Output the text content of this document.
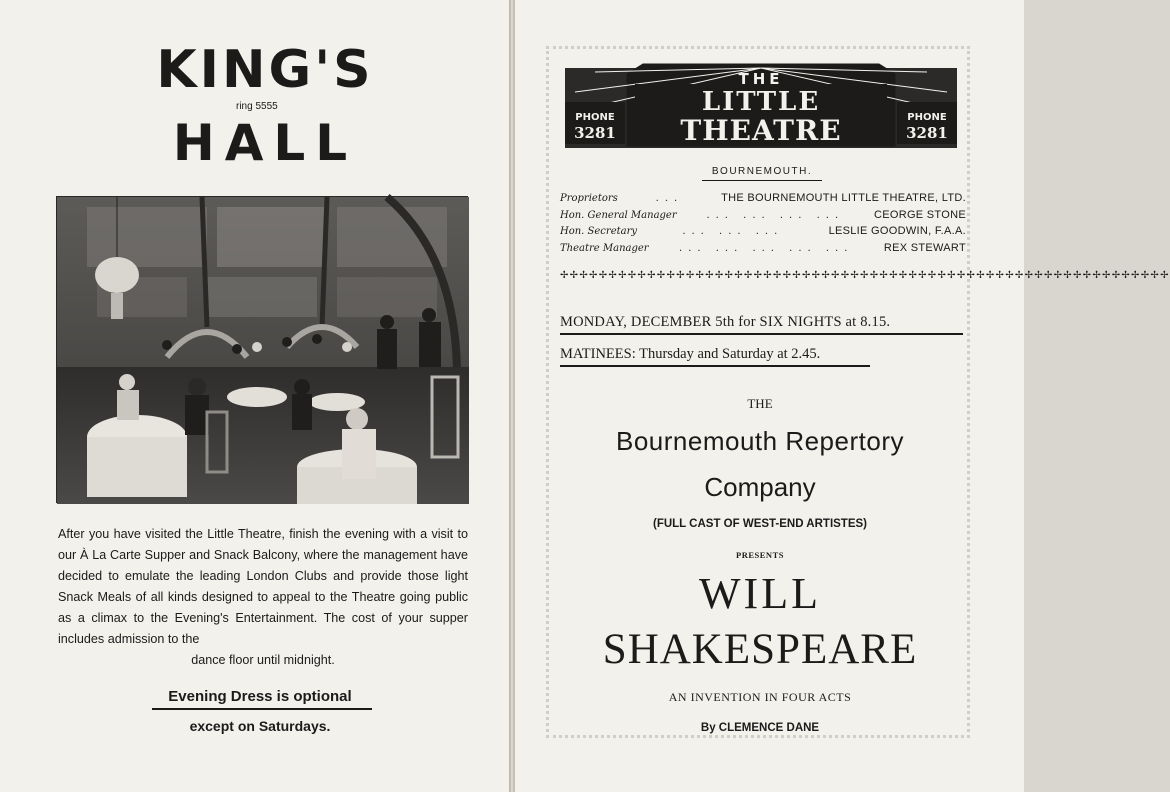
KING'S
ring 5555
HALL
After you have visited the Little Theatre, finish the evening with a visit to our À La Carte Supper and Snack Balcony, where the management have decided to emulate the leading London Clubs and provide those light Snack Meals of all kinds designed to appeal to the Theatre going public as a climax to the Evening's Entertainment. The cost of your supper includes admission to the
dance floor until midnight.
Evening Dress is optional
except on Saturdays.
THE
LITTLE
THEATRE
PHONE
3281
PHONE
3281
BOURNEMOUTH.
Proprietors	...	THE BOURNEMOUTH LITTLE THEATRE, LTD.
Hon. General Manager	... ... ... ...	CEORGE STONE
Hon. Secretary	... ... ...	LESLIE GOODWIN, F.A.A.
Theatre Manager	... ... ... ... ...	REX STEWART
✢✢✢✢✢✢✢✢✢✢✢✢✢✢✢✢✢✢✢✢✢✢✢✢✢✢✢✢✢✢✢✢✢✢✢✢✢✢✢✢✢✢✢✢✢✢✢✢✢✢✢✢✢✢✢✢✢✢✢✢✢✢✢
MONDAY, DECEMBER 5th for SIX NIGHTS at 8.15.
MATINEES: Thursday and Saturday at 2.45.
THE
Bournemouth Repertory
Company
(FULL CAST OF WEST-END ARTISTES)
PRESENTS
WILL
SHAKESPEARE
AN INVENTION IN FOUR ACTS
By CLEMENCE DANE
